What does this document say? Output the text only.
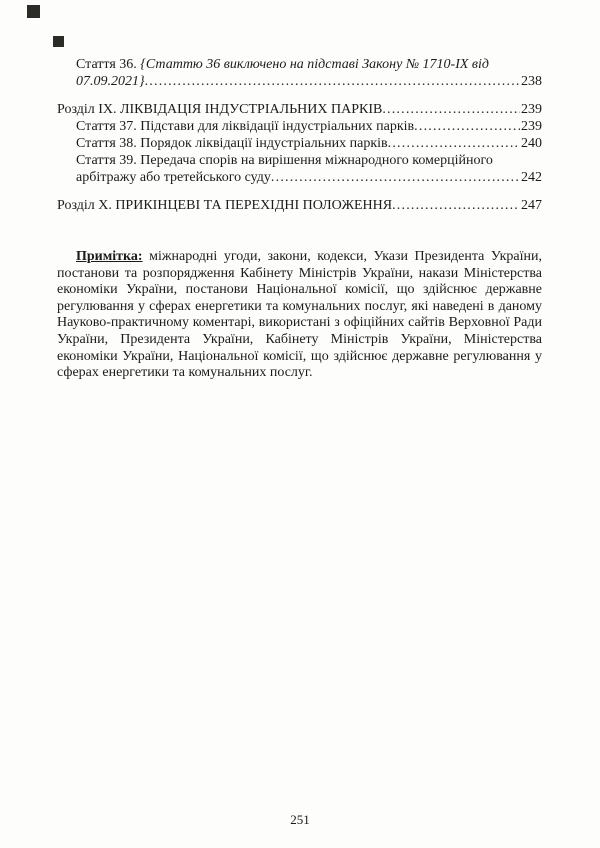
Стаття 36. {Статтю 36 виключено на підставі Закону № 1710-IX від
07.09.2021} .....	238
Розділ IX. ЛІКВІДАЦІЯ ІНДУСТРІАЛЬНИХ ПАРКІВ .....	239
Стаття 37. Підстави для ліквідації індустріальних парків .....	239
Стаття 38. Порядок ліквідації індустріальних парків .....	240
Стаття 39. Передача спорів на вирішення міжнародного комерційного
арбітражу або третейського суду .....	242
Розділ X. ПРИКІНЦЕВІ ТА ПЕРЕХІДНІ ПОЛОЖЕННЯ .....	247

Примітка: міжнародні угоди, закони, кодекси, Укази Президента України, постанови та розпорядження Кабінету Міністрів України, накази Міністерства економіки України, постанови Національної комісії, що здійснює державне регулювання у сферах енергетики та комунальних послуг, які наведені в даному Науково-практичному коментарі, використані з офіційних сайтів Верховної Ради України, Президента України, Кабінету Міністрів України, Міністерства економіки України, Національної комісії, що здійснює державне регулювання у сферах енергетики та комунальних послуг.

251
